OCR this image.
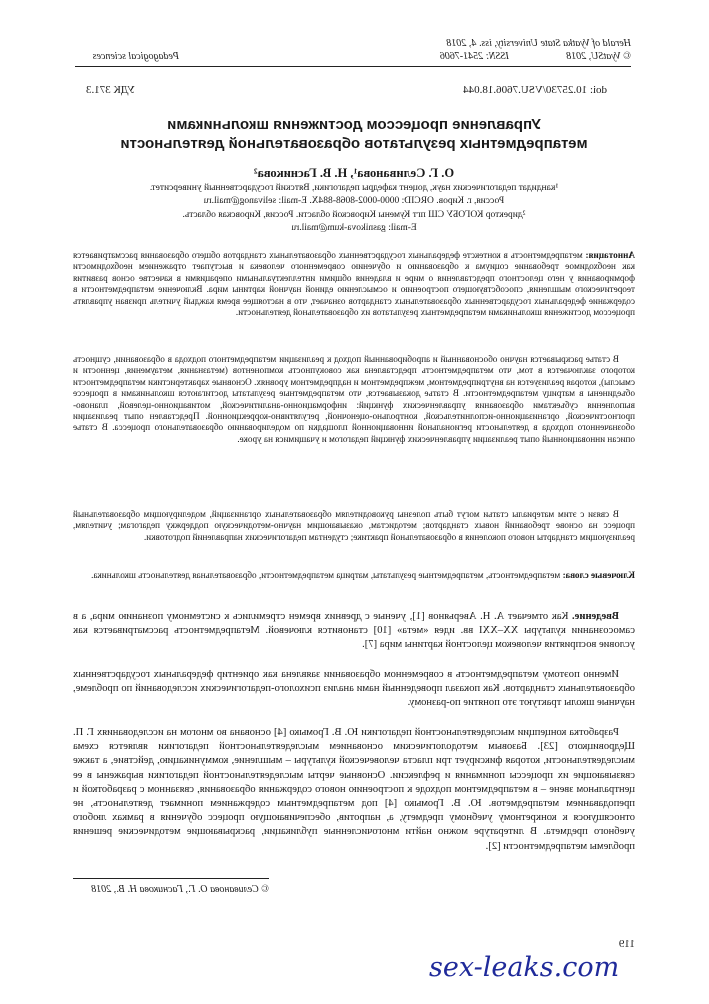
Herald of Vyatka State University, iss. 4, 2018
© VyatSU, 2018
ISSN: 2541-7606
Pedagogical sciences
УДК 371.3	doi: 10.25730/VSU.7606.18.044
Управление процессом достижения школьниками
метапредметных результатов образовательной деятельности
О. Г. Селиванова¹, Н. В. Гасникова²
¹кандидат педагогических наук, доцент кафедры педагогики, Вятский государственный университет.
Россия, г. Киров. ORCID: 0000-0002-8068-884X. E-mail: selivanog@mail.ru
²директор КОГОБУ СШ пгт Кумены Кировской области. Россия, Кировская область.
E-mail: gasnikova-kum@mail.ru

Аннотация: метапредметность в контексте федеральных государственных образовательных стандартов общего образования рассматривается как необходимое требование социума к образованию и обучению современного человека и выступает отражением необходимости формирования у него целостного представления о мире и владения общими интеллектуальными операциями в качестве основ развития теоретического мышления, способствующего построению и осмыслению единой научной картины мира. Включение метапредметности в содержание федеральных государственных образовательных стандартов означает, что в настоящее время каждый учитель призван управлять процессом достижения школьниками метапредметных результатов их образовательной деятельности.

В статье раскрывается научно обоснованный и апробированный подход к реализации метапредметного подхода в образовании, сущность которого заключается в том, что метапредметность представлена как совокупность компонентов (метазнания, метаумения, ценности и смыслы), которая реализуется на внутрипредметном, межпредметном и надпредметном уровнях. Основные характеристики метапредметности объединены в матрицу метапредметности. В статье доказывается, что метапредметные результаты достигаются школьниками в процессе выполнения субъектами образования управленческих функций: информационно-аналитической, мотивационно-целевой, планово-прогностической, организационно-исполнительской, контрольно-оценочной, регулятивно-коррекционной. Представлен опыт реализации обозначенного подхода в деятельности региональной инновационной площадки по моделированию образовательного процесса. В статье описан инновационный опыт реализации управленческих функций педагогом и учащимися на уроке.

В связи с этим материалы статьи могут быть полезны руководителям образовательных организаций, моделирующим образовательный процесс на основе требований новых стандартов; методистам, оказывающим научно-методическую поддержку педагогам; учителям, реализующим стандарты нового поколения в образовательной практике; студентам педагогических направлений подготовки.

Ключевые слова: метапредметность, метапредметные результаты, матрица метапредметности, образовательная деятельность школьника.

Введение. Как отмечает А. Н. Аверьянов [1], ученые с древних времен стремились к системному познанию мира, а в самосознании культуры XX–XXI вв. идея «мета» [10] становится ключевой. Метапредметность рассматривается как условие восприятия человеком целостной картины мира [7].

Именно поэтому метапредметность в современном образовании заявлена как ориентир федеральных государственных образовательных стандартов. Как показал проведенный нами анализ психолого-педагогических исследований по проблеме, научные школы трактуют это понятие по-разному.

Разработка концепции мыследеятельностной педагогики Ю. В. Громыко [4] основана во многом на исследованиях Г. П. Щедровицкого [23]. Базовым методологическим основанием мыследеятельностной педагогики является схема мыследеятельности, которая фиксирует три пласта человеческой культуры – мышление, коммуникацию, действие, а также связывающие их процессы понимания и рефлексии. Основные черты мыследеятельностной педагогики выражены в ее центральном звене – в метапредметном подходе к построению нового содержания образования, связанном с разработкой и преподаванием метапредметов. Ю. В. Громыко [4] под метапредметным содержанием понимает деятельность, не относящуюся к конкретному учебному предмету, а, напротив, обеспечивающую процесс обучения в рамках любого учебного предмета. В литературе можно найти многочисленные публикации, раскрывающие методические решения проблемы метапредметности [2].

© Селиванова О. Г., Гасникова Н. В., 2018
119
sex-leaks.com
